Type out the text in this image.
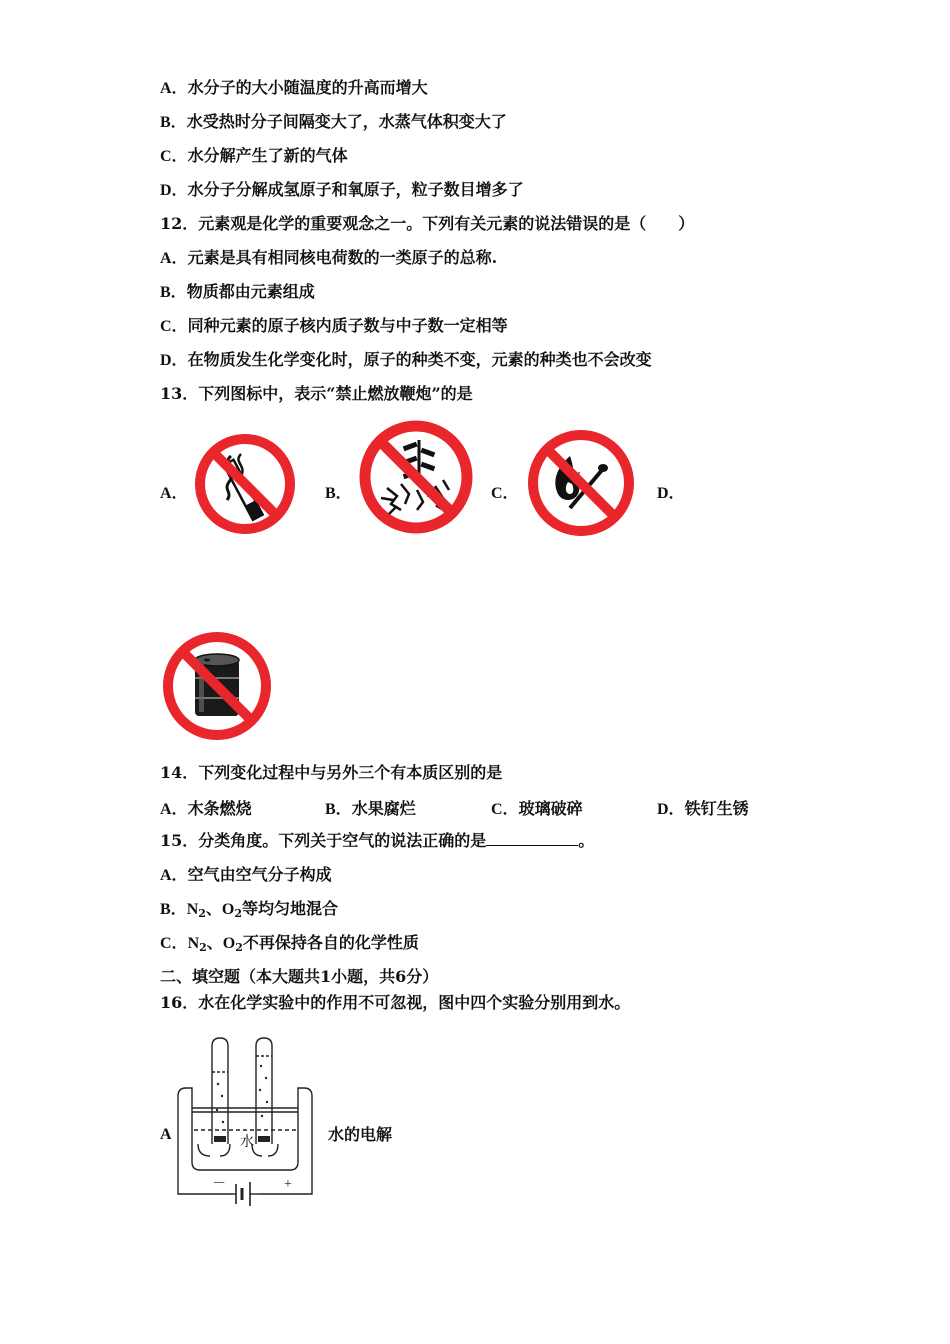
A．水分子的大小随温度的升高而增大
B．水受热时分子间隔变大了，水蒸气体积变大了
C．水分解产生了新的气体
D．水分子分解成氢原子和氧原子，粒子数目增多了
12．元素观是化学的重要观念之一。下列有关元素的说法错误的是（　　）
A．元素是具有相同核电荷数的一类原子的总称.
B．物质都由元素组成
C．同种元素的原子核内质子数与中子数一定相等
D．在物质发生化学变化时，原子的种类不变，元素的种类也不会改变
13．下列图标中，表示“禁止燃放鞭炮”的是
A．	B．	C．	D．
14．下列变化过程中与另外三个有本质区别的是
A．木条燃烧	B．水果腐烂	C．玻璃破碎	D．铁钉生锈
15．分类角度。下列关于空气的说法正确的是	。
A．空气由空气分子构成
B．$N_2$、$O_2$等均匀地混合
C．$N_2$、$O_2$不再保持各自的化学性质
二、填空题（本大题共1小题，共6分）
16．水在化学实验中的作用不可忽视，图中四个实验分别用到水。
A	水的电解
水
－	+
